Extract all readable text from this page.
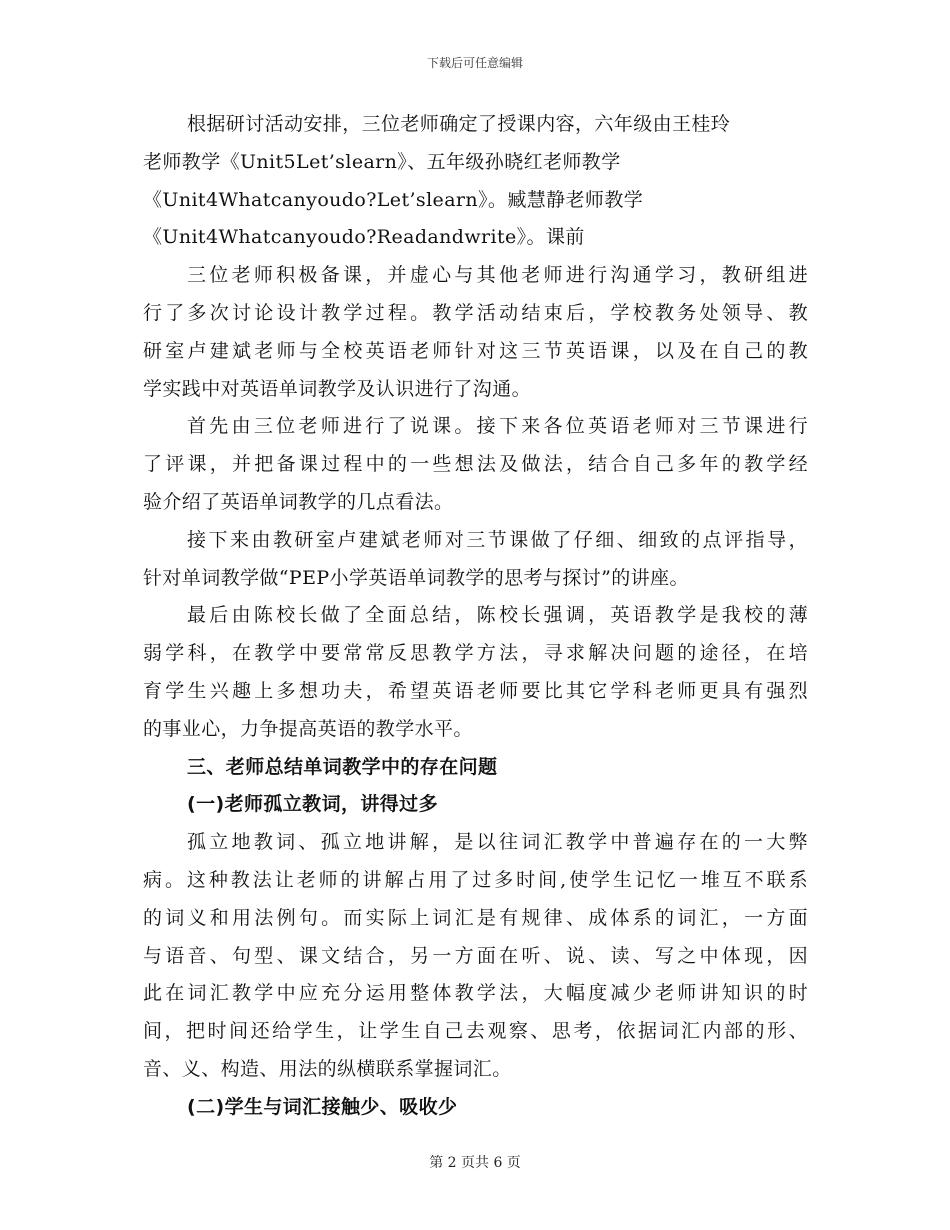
下载后可任意编辑
根据研讨活动安排，三位老师确定了授课内容，六年级由王桂玲
老师教学《Unit5Let’slearn》、五年级孙晓红老师教学
《Unit4Whatcanyoudo?Let’slearn》。臧慧静老师教学
《Unit4Whatcanyoudo?Readandwrite》。课前
三位老师积极备课，并虚心与其他老师进行沟通学习，教研组进
行了多次讨论设计教学过程。教学活动结束后，学校教务处领导、教
研室卢建斌老师与全校英语老师针对这三节英语课，以及在自己的教
学实践中对英语单词教学及认识进行了沟通。
首先由三位老师进行了说课。接下来各位英语老师对三节课进行
了评课，并把备课过程中的一些想法及做法，结合自己多年的教学经
验介绍了英语单词教学的几点看法。
接下来由教研室卢建斌老师对三节课做了仔细、细致的点评指导，
针对单词教学做“PEP小学英语单词教学的思考与探讨”的讲座。
最后由陈校长做了全面总结，陈校长强调，英语教学是我校的薄
弱学科，在教学中要常常反思教学方法，寻求解决问题的途径，在培
育学生兴趣上多想功夫，希望英语老师要比其它学科老师更具有强烈
的事业心，力争提高英语的教学水平。
三、老师总结单词教学中的存在问题
(一)老师孤立教词，讲得过多
孤立地教词、孤立地讲解，是以往词汇教学中普遍存在的一大弊
病。这种教法让老师的讲解占用了过多时间,使学生记忆一堆互不联系
的词义和用法例句。而实际上词汇是有规律、成体系的词汇，一方面
与语音、句型、课文结合，另一方面在听、说、读、写之中体现，因
此在词汇教学中应充分运用整体教学法，大幅度减少老师讲知识的时
间，把时间还给学生，让学生自己去观察、思考，依据词汇内部的形、
音、义、构造、用法的纵横联系掌握词汇。
(二)学生与词汇接触少、吸收少
第 2 页共 6 页
